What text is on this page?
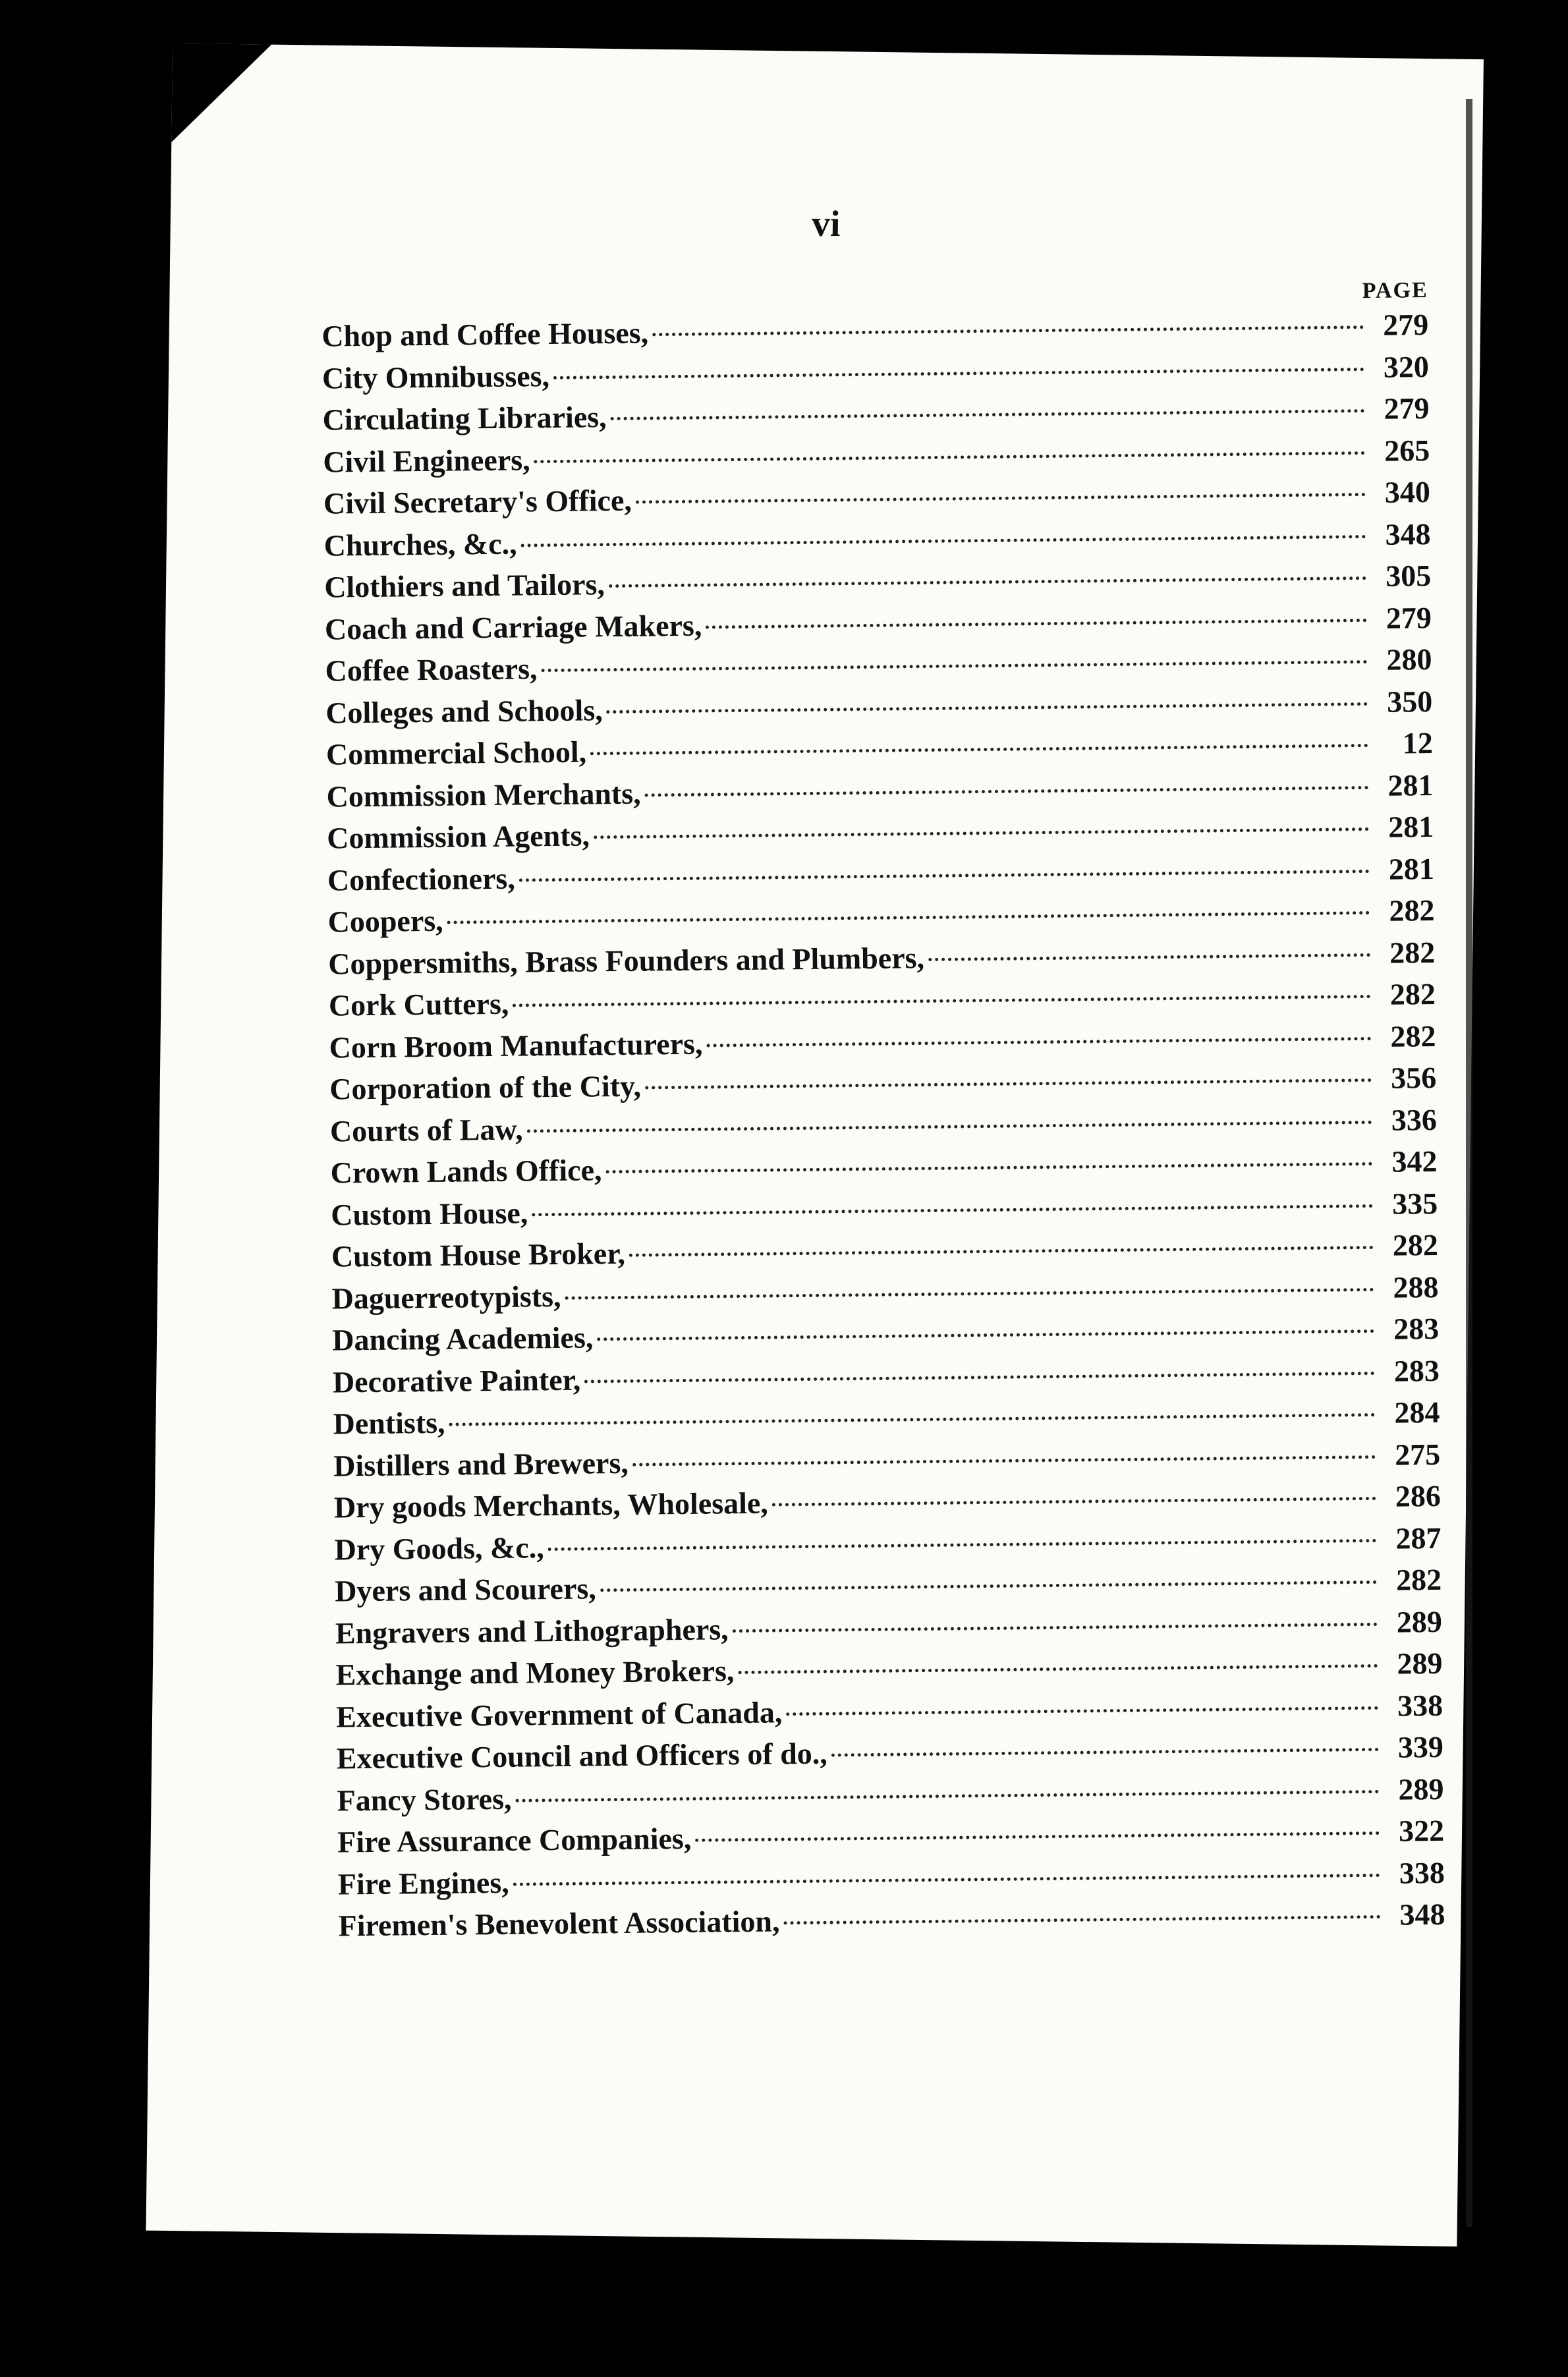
vi
PAGE
Chop and Coffee Houses,	279
City Omnibusses,	320
Circulating Libraries,	279
Civil Engineers,	265
Civil Secretary's Office,	340
Churches, &c.,	348
Clothiers and Tailors,	305
Coach and Carriage Makers,	279
Coffee Roasters,	280
Colleges and Schools,	350
Commercial School,	12
Commission Merchants,	281
Commission Agents,	281
Confectioners,	281
Coopers,	282
Coppersmiths, Brass Founders and Plumbers,	282
Cork Cutters,	282
Corn Broom Manufacturers,	282
Corporation of the City,	356
Courts of Law,	336
Crown Lands Office,	342
Custom House,	335
Custom House Broker,	282
Daguerreotypists,	288
Dancing Academies,	283
Decorative Painter,	283
Dentists,	284
Distillers and Brewers,	275
Dry goods Merchants, Wholesale,	286
Dry Goods, &c.,	287
Dyers and Scourers,	282
Engravers and Lithographers,	289
Exchange and Money Brokers,	289
Executive Government of Canada,	338
Executive Council and Officers of do.,	339
Fancy Stores,	289
Fire Assurance Companies,	322
Fire Engines,	338
Firemen's Benevolent Association,	348
